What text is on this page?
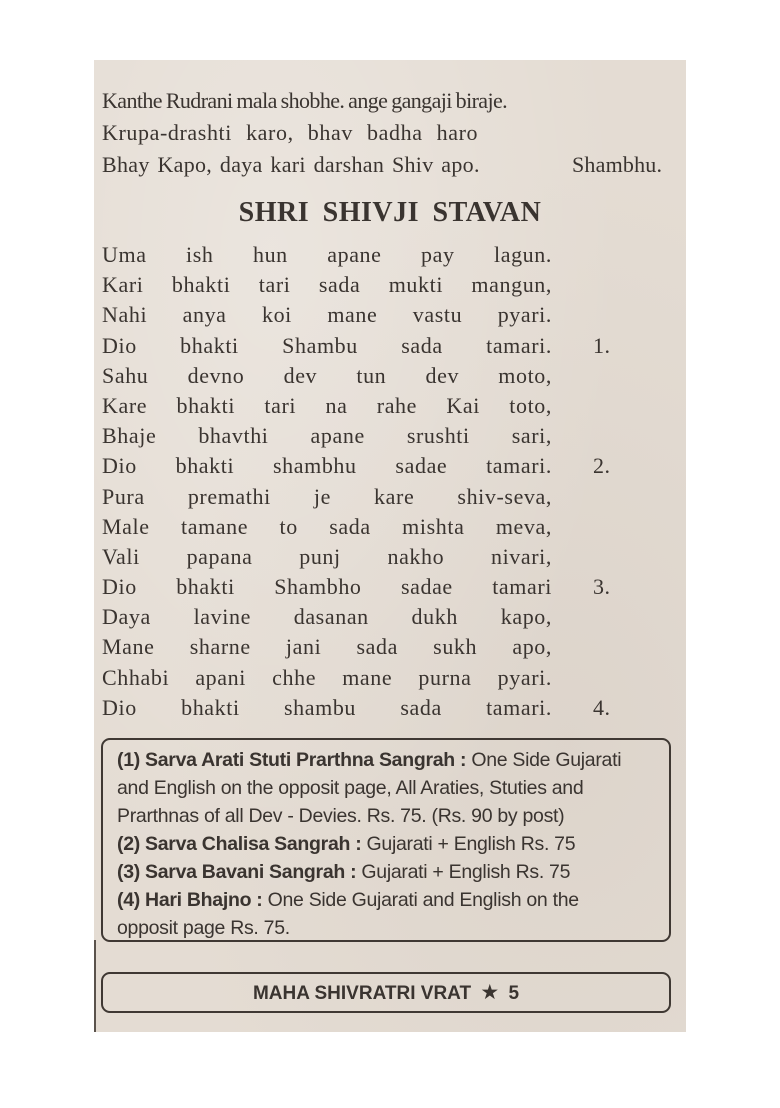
Kanthe Rudrani mala shobhe. ange gangaji biraje.
Krupa-drashti karo, bhav badha haro
Bhay Kapo, daya kari darshan Shiv apo.	Shambhu.
SHRI SHIVJI STAVAN
Uma ish hun apane pay lagun.
Kari bhakti tari sada mukti mangun,
Nahi anya koi mane vastu pyari.
Dio bhakti Shambu sada tamari. 1.
Sahu devno dev tun dev moto,
Kare bhakti tari na rahe Kai toto,
Bhaje bhavthi apane srushti sari,
Dio bhakti shambhu sadae tamari. 2.
Pura premathi je kare shiv-seva,
Male tamane to sada mishta meva,
Vali papana punj nakho nivari,
Dio bhakti Shambho sadae tamari 3.
Daya lavine dasanan dukh kapo,
Mane sharne jani sada sukh apo,
Chhabi apani chhe mane purna pyari.
Dio bhakti shambu sada tamari. 4.
(1) Sarva Arati Stuti Prarthna Sangrah : One Side Gujarati
and English on the opposit page, All Araties, Stuties and
Prarthnas of all Dev - Devies. Rs. 75. (Rs. 90 by post)
(2) Sarva Chalisa Sangrah : Gujarati + English Rs. 75
(3) Sarva Bavani Sangrah : Gujarati + English Rs. 75
(4) Hari Bhajno : One Side Gujarati and English on the
opposit page Rs. 75.
MAHA SHIVRATRI VRAT ★ 5
